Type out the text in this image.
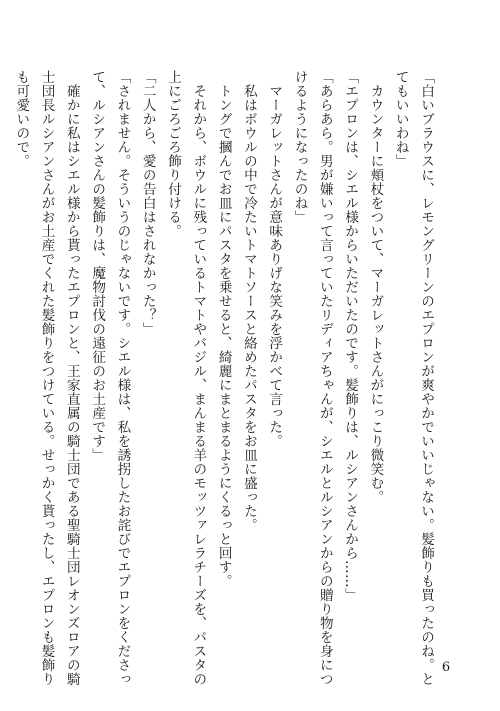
「白いブラウスに、レモングリーンのエプロンが爽やかでいいじゃない。髪飾りも買ったのね。と
てもいいわね」
　カウンターに頬杖をついて、マーガレットさんがにっこり微笑む。
「エプロンは、シエル様からいただいたのです。髪飾りは、ルシアンさんから……」
「あらあら。男が嫌いって言っていたリディアちゃんが、シエルとルシアンからの贈り物を身につ
けるようになったのね」
　マーガレットさんが意味ありげな笑みを浮かべて言った。
　私はボウルの中で冷たいトマトソースと絡めたパスタをお皿に盛った。
　トングで摑んでお皿にパスタを乗せると、綺麗にまとまるようにくるっと回す。
　それから、ボウルに残っているトマトやバジル、まんまる羊のモッツァレラチーズを、パスタの
上にごろごろ飾り付ける。
「二人から、愛の告白はされなかった？」
「されません。そういうのじゃないです。シエル様は、私を誘拐したお詫びでエプロンをくださっ
て、ルシアンさんの髪飾りは、魔物討伐の遠征のお土産です」
　確かに私はシエル様から貰ったエプロンと、王家直属の騎士団である聖騎士団レオンズロアの騎
士団長ルシアンさんがお土産でくれた髪飾りをつけている。せっかく貰ったし、エプロンも髪飾り
も可愛いので。
6
